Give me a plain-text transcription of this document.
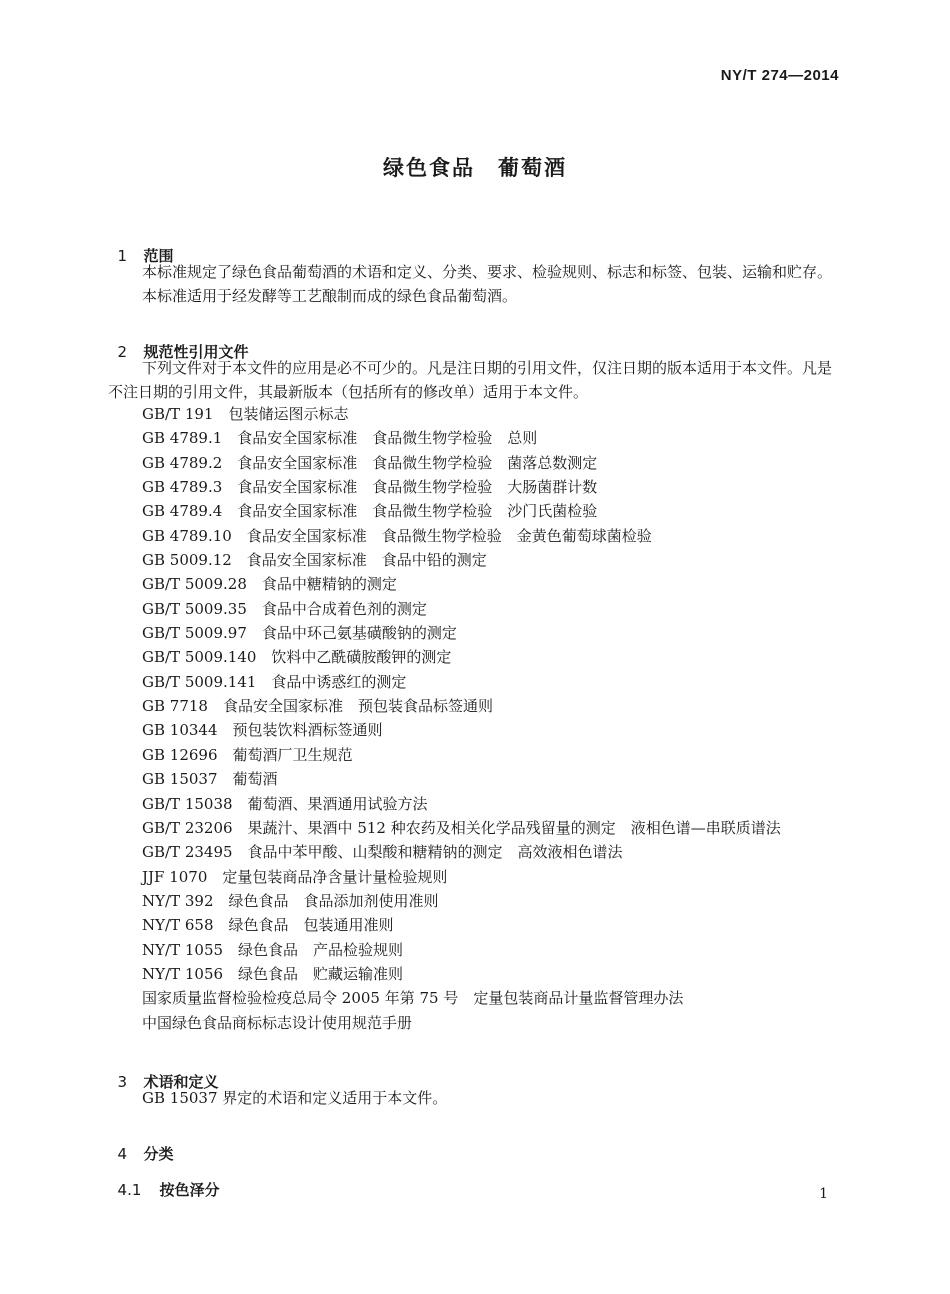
NY/T 274—2014
绿色食品　葡萄酒

1 范围

本标准规定了绿色食品葡萄酒的术语和定义、分类、要求、检验规则、标志和标签、包装、运输和贮存。
本标准适用于经发酵等工艺酿制而成的绿色食品葡萄酒。

2 规范性引用文件

下列文件对于本文件的应用是必不可少的。凡是注日期的引用文件，仅注日期的版本适用于本文件。凡是不注日期的引用文件，其最新版本（包括所有的修改单）适用于本文件。
GB/T 191　包装储运图示标志
GB 4789.1　食品安全国家标准　食品微生物学检验　总则
GB 4789.2　食品安全国家标准　食品微生物学检验　菌落总数测定
GB 4789.3　食品安全国家标准　食品微生物学检验　大肠菌群计数
GB 4789.4　食品安全国家标准　食品微生物学检验　沙门氏菌检验
GB 4789.10　食品安全国家标准　食品微生物学检验　金黄色葡萄球菌检验
GB 5009.12　食品安全国家标准　食品中铅的测定
GB/T 5009.28　食品中糖精钠的测定
GB/T 5009.35　食品中合成着色剂的测定
GB/T 5009.97　食品中环己氨基磺酸钠的测定
GB/T 5009.140　饮料中乙酰磺胺酸钾的测定
GB/T 5009.141　食品中诱惑红的测定
GB 7718　食品安全国家标准　预包装食品标签通则
GB 10344　预包装饮料酒标签通则
GB 12696　葡萄酒厂卫生规范
GB 15037　葡萄酒
GB/T 15038　葡萄酒、果酒通用试验方法
GB/T 23206　果蔬汁、果酒中 512 种农药及相关化学品残留量的测定　液相色谱—串联质谱法
GB/T 23495　食品中苯甲酸、山梨酸和糖精钠的测定　高效液相色谱法
JJF 1070　定量包装商品净含量计量检验规则
NY/T 392　绿色食品　食品添加剂使用准则
NY/T 658　绿色食品　包装通用准则
NY/T 1055　绿色食品　产品检验规则
NY/T 1056　绿色食品　贮藏运输准则
国家质量监督检验检疫总局令 2005 年第 75 号　定量包装商品计量监督管理办法
中国绿色食品商标标志设计使用规范手册

3 术语和定义

GB 15037 界定的术语和定义适用于本文件。

4 分类

4.1 按色泽分	1
